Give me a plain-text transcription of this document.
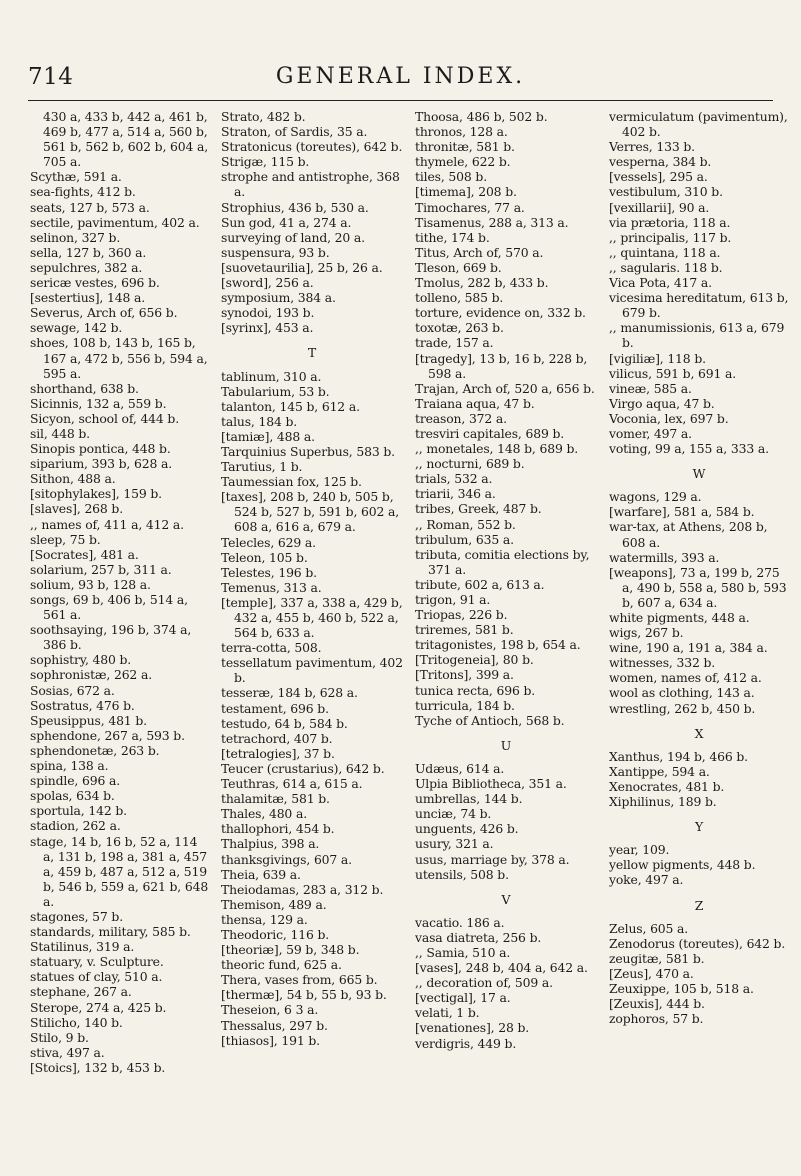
714	GENERAL INDEX.

430 a, 433 b, 442 a, 461 b, 469 b, 477 a, 514 a, 560 b, 561 b, 562 b, 602 b, 604 a, 705 a.

Scythæ, 591 a.

sea-fights, 412 b.

seats, 127 b, 573 a.

sectile, pavimentum, 402 a.

selinon, 327 b.

sella, 127 b, 360 a.

sepulchres, 382 a.

sericæ vestes, 696 b.

[sestertius], 148 a.

Severus, Arch of, 656 b.

sewage, 142 b.

shoes, 108 b, 143 b, 165 b, 167 a, 472 b, 556 b, 594 a, 595 a.

shorthand, 638 b.

Sicinnis, 132 a, 559 b.

Sicyon, school of, 444 b.

sil, 448 b.

Sinopis pontica, 448 b.

siparium, 393 b, 628 a.

Sithon, 488 a.

[sitophylakes], 159 b.

[slaves], 268 b.

,, names of, 411 a, 412 a.

sleep, 75 b.

[Socrates], 481 a.

solarium, 257 b, 311 a.

solium, 93 b, 128 a.

songs, 69 b, 406 b, 514 a, 561 a.

soothsaying, 196 b, 374 a, 386 b.

sophistry, 480 b.

sophronistæ, 262 a.

Sosias, 672 a.

Sostratus, 476 b.

Speusippus, 481 b.

sphendone, 267 a, 593 b.

sphendonetæ, 263 b.

spina, 138 a.

spindle, 696 a.

spolas, 634 b.

sportula, 142 b.

stadion, 262 a.

stage, 14 b, 16 b, 52 a, 114 a, 131 b, 198 a, 381 a, 457 a, 459 b, 487 a, 512 a, 519 b, 546 b, 559 a, 621 b, 648 a.

stagones, 57 b.

standards, military, 585 b.

Statilinus, 319 a.

statuary, v. Sculpture.

statues of clay, 510 a.

stephane, 267 a.

Sterope, 274 a, 425 b.

Stilicho, 140 b.

Stilo, 9 b.

stiva, 497 a.

[Stoics], 132 b, 453 b.

Strato, 482 b.

Straton, of Sardis, 35 a.

Stratonicus (toreutes), 642 b.

Strigæ, 115 b.

strophe and antistrophe, 368 a.

Strophius, 436 b, 530 a.

Sun god, 41 a, 274 a.

surveying of land, 20 a.

suspensura, 93 b.

[suovetaurilia], 25 b, 26 a.

[sword], 256 a.

symposium, 384 a.

synodoi, 193 b.

[syrinx], 453 a.

T

tablinum, 310 a.

Tabularium, 53 b.

talanton, 145 b, 612 a.

talus, 184 b.

[tamiæ], 488 a.

Tarquinius Superbus, 583 b.

Tarutius, 1 b.

Taumessian fox, 125 b.

[taxes], 208 b, 240 b, 505 b, 524 b, 527 b, 591 b, 602 a, 608 a, 616 a, 679 a.

Telecles, 629 a.

Teleon, 105 b.

Telestes, 196 b.

Temenus, 313 a.

[temple], 337 a, 338 a, 429 b, 432 a, 455 b, 460 b, 522 a, 564 b, 633 a.

terra-cotta, 508.

tessellatum pavimentum, 402 b.

tesseræ, 184 b, 628 a.

testament, 696 b.

testudo, 64 b, 584 b.

tetrachord, 407 b.

[tetralogies], 37 b.

Teucer (crustarius), 642 b.

Teuthras, 614 a, 615 a.

thalamitæ, 581 b.

Thales, 480 a.

thallophori, 454 b.

Thalpius, 398 a.

thanksgivings, 607 a.

Theia, 639 a.

Theiodamas, 283 a, 312 b.

Themison, 489 a.

thensa, 129 a.

Theodoric, 116 b.

[theoriæ], 59 b, 348 b.

theoric fund, 625 a.

Thera, vases from, 665 b.

[thermæ], 54 b, 55 b, 93 b.

Theseion, 6 3 a.

Thessalus, 297 b.

[thiasos], 191 b.

Thoosa, 486 b, 502 b.

thronos, 128 a.

thronitæ, 581 b.

thymele, 622 b.

tiles, 508 b.

[timema], 208 b.

Timochares, 77 a.

Tisamenus, 288 a, 313 a.

tithe, 174 b.

Titus, Arch of, 570 a.

Tleson, 669 b.

Tmolus, 282 b, 433 b.

tolleno, 585 b.

torture, evidence on, 332 b.

toxotæ, 263 b.

trade, 157 a.

[tragedy], 13 b, 16 b, 228 b, 598 a.

Trajan, Arch of, 520 a, 656 b.

Traiana aqua, 47 b.

treason, 372 a.

tresviri capitales, 689 b.

,, monetales, 148 b, 689 b.

,, nocturni, 689 b.

trials, 532 a.

triarii, 346 a.

tribes, Greek, 487 b.

,, Roman, 552 b.

tribulum, 635 a.

tributa, comitia elections by, 371 a.

tribute, 602 a, 613 a.

trigon, 91 a.

Triopas, 226 b.

triremes, 581 b.

tritagonistes, 198 b, 654 a.

[Tritogeneia], 80 b.

[Tritons], 399 a.

tunica recta, 696 b.

turricula, 184 b.

Tyche of Antioch, 568 b.

U

Udæus, 614 a.

Ulpia Bibliotheca, 351 a.

umbrellas, 144 b.

unciæ, 74 b.

unguents, 426 b.

usury, 321 a.

usus, marriage by, 378 a.

utensils, 508 b.

V

vacatio. 186 a.

vasa diatreta, 256 b.

,, Samia, 510 a.

[vases], 248 b, 404 a, 642 a.

,, decoration of, 509 a.

[vectigal], 17 a.

velati, 1 b.

[venationes], 28 b.

verdigris, 449 b.

vermiculatum (pavimentum), 402 b.

Verres, 133 b.

vesperna, 384 b.

[vessels], 295 a.

vestibulum, 310 b.

[vexillarii], 90 a.

via prætoria, 118 a.

,, principalis, 117 b.

,, quintana, 118 a.

,, sagularis. 118 b.

Vica Pota, 417 a.

vicesima hereditatum, 613 b, 679 b.

,, manumissionis, 613 a, 679 b.

[vigiliæ], 118 b.

vilicus, 591 b, 691 a.

vineæ, 585 a.

Virgo aqua, 47 b.

Voconia, lex, 697 b.

vomer, 497 a.

voting, 99 a, 155 a, 333 a.

W

wagons, 129 a.

[warfare], 581 a, 584 b.

war-tax, at Athens, 208 b, 608 a.

watermills, 393 a.

[weapons], 73 a, 199 b, 275 a, 490 b, 558 a, 580 b, 593 b, 607 a, 634 a.

white pigments, 448 a.

wigs, 267 b.

wine, 190 a, 191 a, 384 a.

witnesses, 332 b.

women, names of, 412 a.

wool as clothing, 143 a.

wrestling, 262 b, 450 b.

X

Xanthus, 194 b, 466 b.

Xantippe, 594 a.

Xenocrates, 481 b.

Xiphilinus, 189 b.

Y

year, 109.

yellow pigments, 448 b.

yoke, 497 a.

Z

Zelus, 605 a.

Zenodorus (toreutes), 642 b.

zeugitæ, 581 b.

[Zeus], 470 a.

Zeuxippe, 105 b, 518 a.

[Zeuxis], 444 b.

zophoros, 57 b.
